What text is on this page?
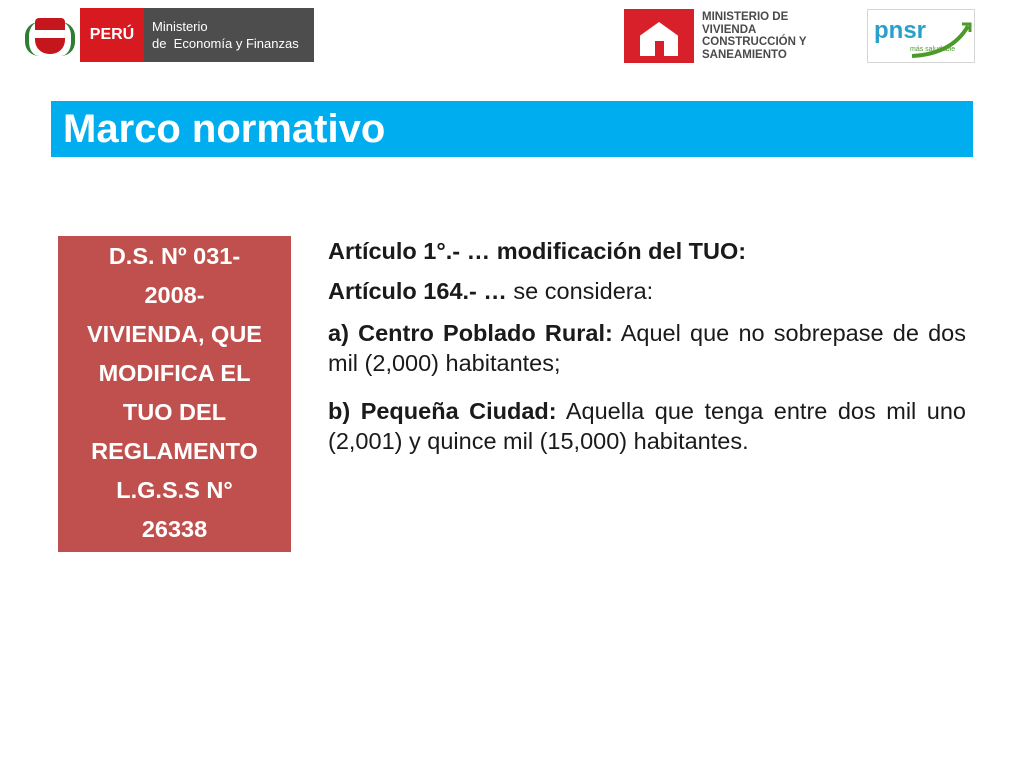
PERÚ	Ministerio
de  Economía y Finanzas
MINISTERIO DE
VIVIENDA
CONSTRUCCIÓN Y
SANEAMIENTO
pnsr
más saludable
Marco normativo
D.S. Nº 031-
2008-
VIVIENDA, QUE
MODIFICA EL
TUO DEL
REGLAMENTO
L.G.S.S N°
26338

Artículo 1°.- … modificación del TUO:

Artículo 164.- … se considera:

a) Centro Poblado Rural: Aquel que no sobrepase de dos mil (2,000) habitantes;

b) Pequeña Ciudad: Aquella que tenga entre dos mil uno (2,001) y quince mil (15,000) habitantes.
